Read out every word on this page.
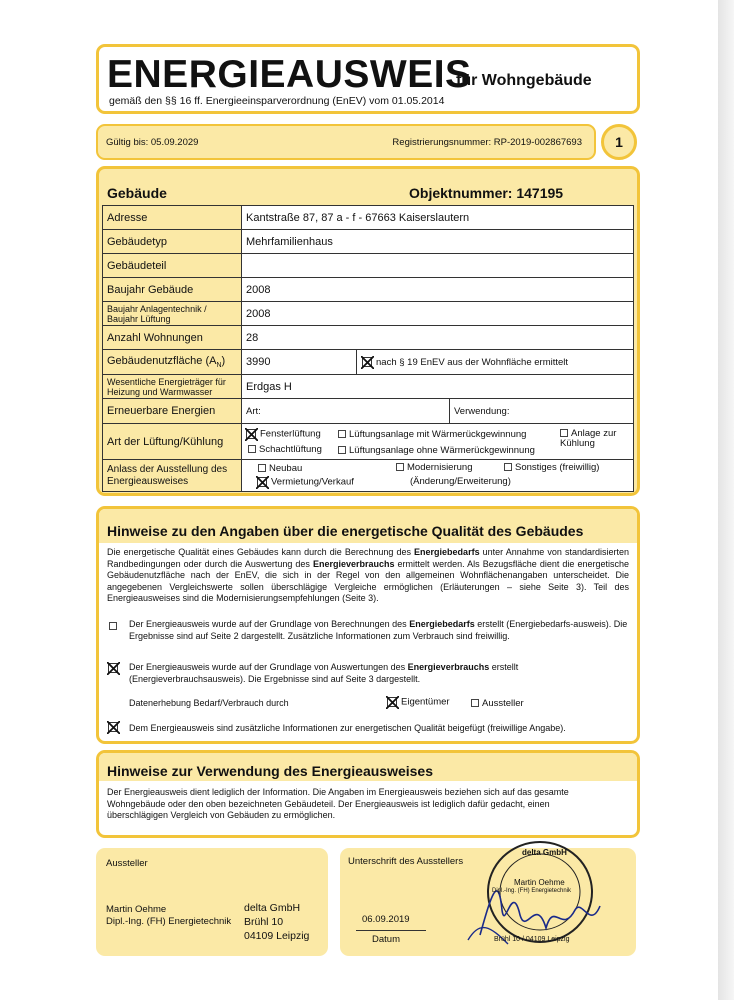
ENERGIEAUSWEIS
für Wohngebäude
gemäß den §§ 16 ff. Energieeinsparverordnung (EnEV) vom 01.05.2014
Gültig bis: 05.09.2029	Registrierungsnummer: RP-2019-002867693	1
Gebäude	Objektnummer: 147195
Adresse	Kantstraße 87, 87 a - f - 67663 Kaiserslautern
Gebäudetyp	Mehrfamilienhaus
Gebäudeteil	
Baujahr Gebäude	2008
Baujahr Anlagentechnik / Baujahr Lüftung	2008
Anzahl Wohnungen	28
Gebäudenutzfläche $(A_N)$	3990 nach § 19 EnEV aus der Wohnfläche ermittelt

Wesentliche Energieträger für Heizung und Warmwasser	Erdgas H
Erneuerbare Energien	Art: Verwendung:

Art der Lüftung/Kühlung	Fensterlüftung
Schachtlüftung
Lüftungsanlage mit Wärmerückgewinnung
Lüftungsanlage ohne Wärmerückgewinnung
Anlage zur Kühlung

Anlass der Ausstellung des Energieausweises	Neubau
Vermietung/Verkauf
Modernisierung
(Änderung/Erweiterung)
Sonstiges (freiwillig)
Hinweise zu den Angaben über die energetische Qualität des Gebäudes
Die energetische Qualität eines Gebäudes kann durch die Berechnung des Energiebedarfs unter Annahme von standardisierten Randbedingungen oder durch die Auswertung des Energieverbrauchs ermittelt werden. Als Bezugsfläche dient die energetische Gebäudenutzfläche nach der EnEV, die sich in der Regel von den allgemeinen Wohnflächenangaben unterscheidet. Die angegebenen Vergleichswerte sollen überschlägige Vergleiche ermöglichen (Erläuterungen – siehe Seite 3). Teil des Energieausweises sind die Modernisierungsempfehlungen (Seite 3).
Der Energieausweis wurde auf der Grundlage von Berechnungen des Energiebedarfs erstellt (Energiebedarfs-ausweis). Die Ergebnisse sind auf Seite 2 dargestellt. Zusätzliche Informationen zum Verbrauch sind freiwillig.
Der Energieausweis wurde auf der Grundlage von Auswertungen des Energieverbrauchs erstellt (Energieverbrauchsausweis). Die Ergebnisse sind auf Seite 3 dargestellt.
Datenerhebung Bedarf/Verbrauch durch	Eigentümer	Aussteller
Dem Energieausweis sind zusätzliche Informationen zur energetischen Qualität beigefügt (freiwillige Angabe).
Hinweise zur Verwendung des Energieausweises
Der Energieausweis dient lediglich der Information. Die Angaben im Energieausweis beziehen sich auf das gesamte Wohngebäude oder den oben bezeichneten Gebäudeteil. Der Energieausweis ist lediglich dafür gedacht, einen überschlägigen Vergleich von Gebäuden zu ermöglichen.
Aussteller
Martin Oehme
Dipl.-Ing. (FH) Energietechnik
delta GmbH
Brühl 10
04109 Leipzig
Unterschrift des Ausstellers
06.09.2019
Datum
delta GmbH
Martin Oehme
Dipl.-Ing. (FH) Energietechnik
Brühl 10 / 04109 Leipzig
